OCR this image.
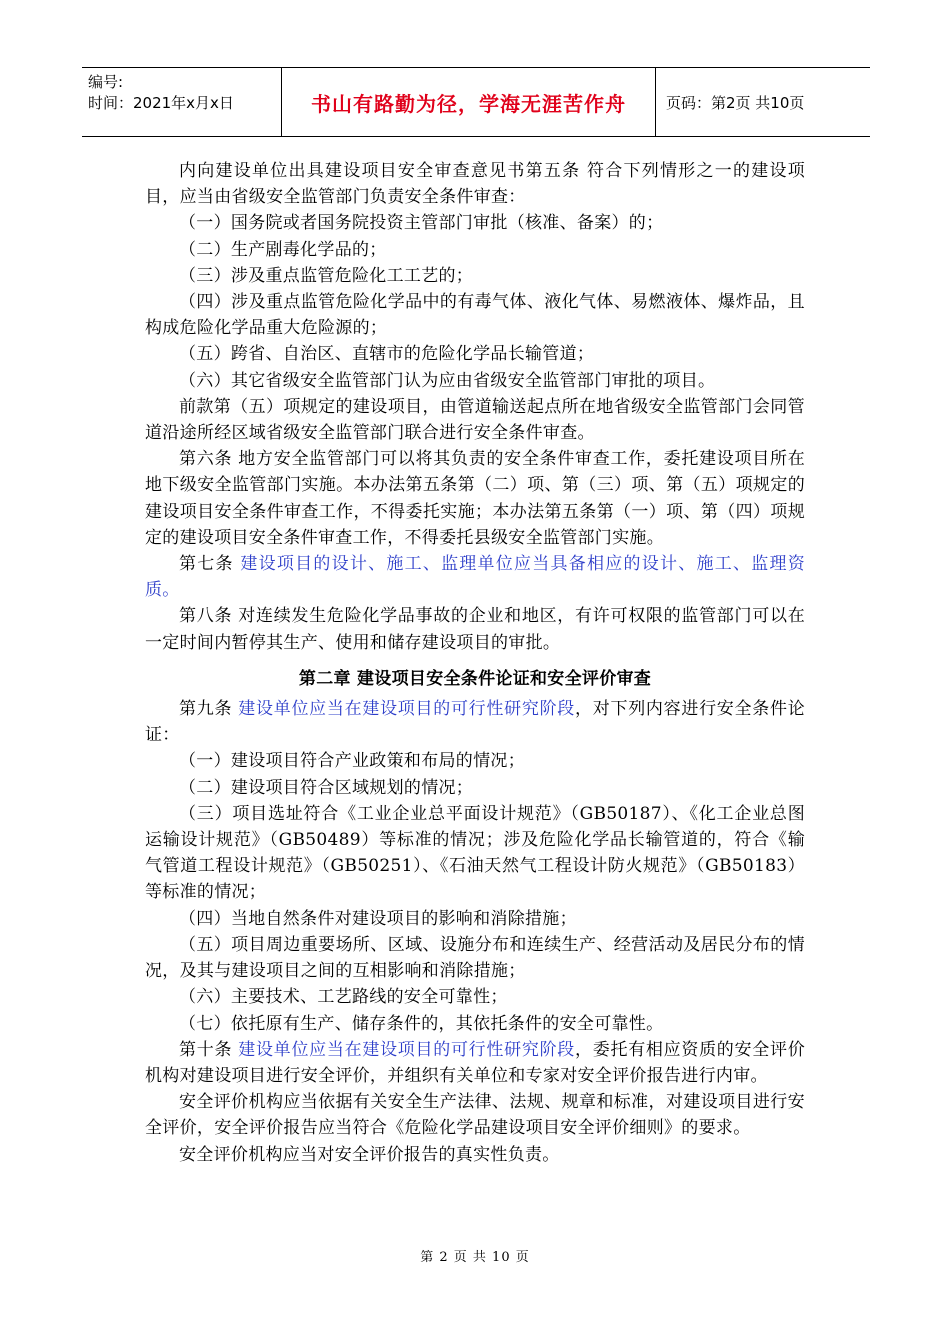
编号:
时间：2021年x月x日	书山有路勤为径，学海无涯苦作舟	页码：第2页 共10页

内向建设单位出具建设项目安全审查意见书第五条 符合下列情形之一的建设项目，应当由省级安全监管部门负责安全条件审查：

（一）国务院或者国务院投资主管部门审批（核准、备案）的；

（二）生产剧毒化学品的；

（三）涉及重点监管危险化工工艺的；

（四）涉及重点监管危险化学品中的有毒气体、液化气体、易燃液体、爆炸品，且构成危险化学品重大危险源的；

（五）跨省、自治区、直辖市的危险化学品长输管道；

（六）其它省级安全监管部门认为应由省级安全监管部门审批的项目。

前款第（五）项规定的建设项目，由管道输送起点所在地省级安全监管部门会同管道沿途所经区域省级安全监管部门联合进行安全条件审查。

第六条 地方安全监管部门可以将其负责的安全条件审查工作，委托建设项目所在地下级安全监管部门实施。本办法第五条第（二）项、第（三）项、第（五）项规定的建设项目安全条件审查工作，不得委托实施；本办法第五条第（一）项、第（四）项规定的建设项目安全条件审查工作，不得委托县级安全监管部门实施。

第七条 建设项目的设计、施工、监理单位应当具备相应的设计、施工、监理资质。

第八条 对连续发生危险化学品事故的企业和地区，有许可权限的监管部门可以在一定时间内暂停其生产、使用和储存建设项目的审批。

第二章 建设项目安全条件论证和安全评价审查

第九条 建设单位应当在建设项目的可行性研究阶段，对下列内容进行安全条件论证：

（一）建设项目符合产业政策和布局的情况；

（二）建设项目符合区域规划的情况；

（三）项目选址符合《工业企业总平面设计规范》（GB50187）、《化工企业总图运输设计规范》（GB50489）等标准的情况；涉及危险化学品长输管道的，符合《输气管道工程设计规范》（GB50251）、《石油天然气工程设计防火规范》（GB50183）等标准的情况；

（四）当地自然条件对建设项目的影响和消除措施；

（五）项目周边重要场所、区域、设施分布和连续生产、经营活动及居民分布的情况，及其与建设项目之间的互相影响和消除措施；

（六）主要技术、工艺路线的安全可靠性；

（七）依托原有生产、储存条件的，其依托条件的安全可靠性。

第十条 建设单位应当在建设项目的可行性研究阶段，委托有相应资质的安全评价机构对建设项目进行安全评价，并组织有关单位和专家对安全评价报告进行内审。

安全评价机构应当依据有关安全生产法律、法规、规章和标准，对建设项目进行安全评价，安全评价报告应当符合《危险化学品建设项目安全评价细则》的要求。

安全评价机构应当对安全评价报告的真实性负责。

第 2 页 共 10 页
